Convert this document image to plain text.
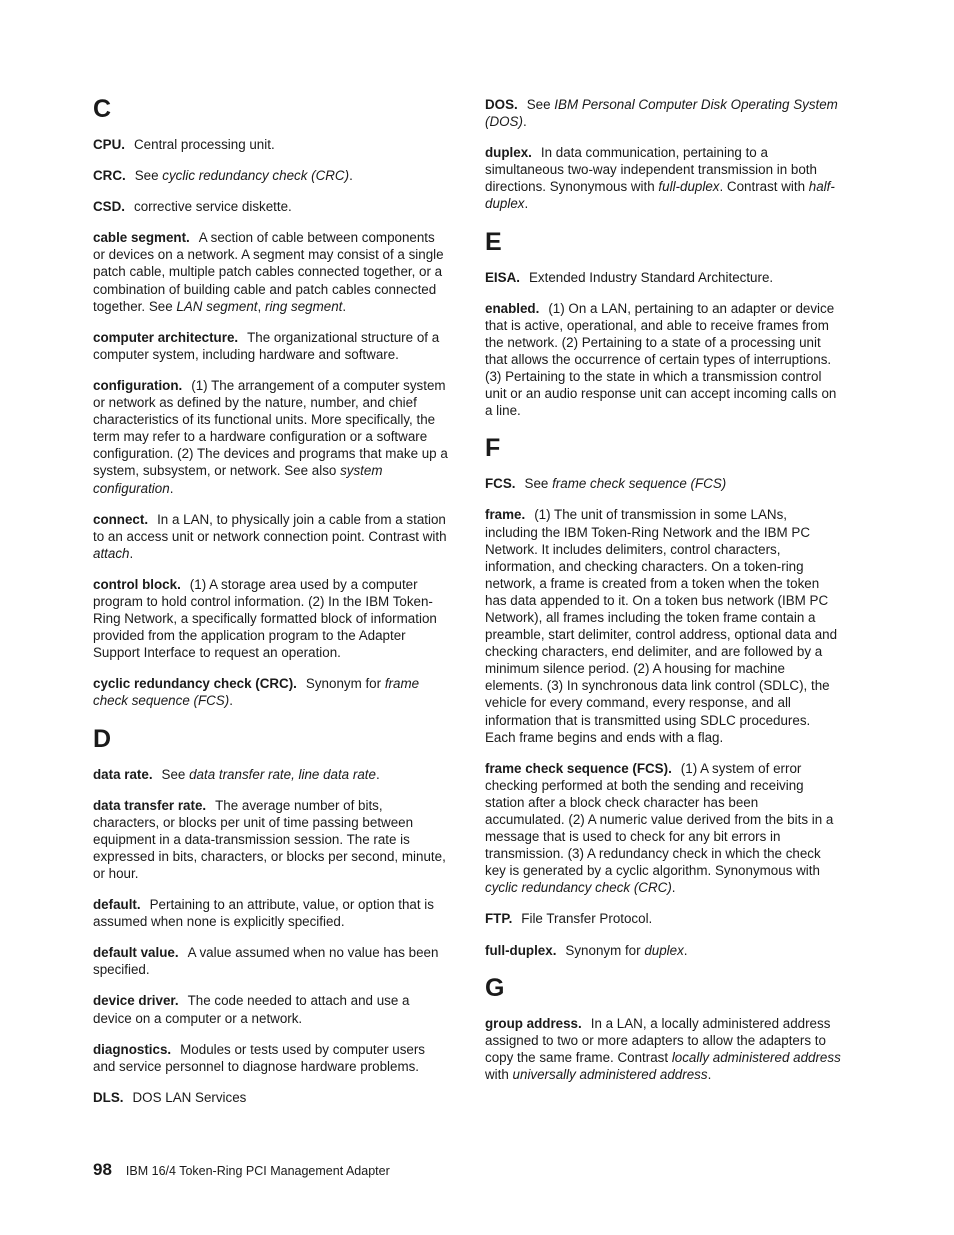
C
CPU. Central processing unit.
CRC. See cyclic redundancy check (CRC).
CSD. corrective service diskette.
cable segment. A section of cable between components or devices on a network. A segment may consist of a single patch cable, multiple patch cables connected together, or a combination of building cable and patch cables connected together. See LAN segment, ring segment.
computer architecture. The organizational structure of a computer system, including hardware and software.
configuration. (1) The arrangement of a computer system or network as defined by the nature, number, and chief characteristics of its functional units. More specifically, the term may refer to a hardware configuration or a software configuration. (2) The devices and programs that make up a system, subsystem, or network. See also system configuration.
connect. In a LAN, to physically join a cable from a station to an access unit or network connection point. Contrast with attach.
control block. (1) A storage area used by a computer program to hold control information. (2) In the IBM Token-Ring Network, a specifically formatted block of information provided from the application program to the Adapter Support Interface to request an operation.
cyclic redundancy check (CRC). Synonym for frame check sequence (FCS).
D
data rate. See data transfer rate, line data rate.
data transfer rate. The average number of bits, characters, or blocks per unit of time passing between equipment in a data-transmission session. The rate is expressed in bits, characters, or blocks per second, minute, or hour.
default. Pertaining to an attribute, value, or option that is assumed when none is explicitly specified.
default value. A value assumed when no value has been specified.
device driver. The code needed to attach and use a device on a computer or a network.
diagnostics. Modules or tests used by computer users and service personnel to diagnose hardware problems.
DLS. DOS LAN Services
DOS. See IBM Personal Computer Disk Operating System (DOS).
duplex. In data communication, pertaining to a simultaneous two-way independent transmission in both directions. Synonymous with full-duplex. Contrast with half-duplex.
E
EISA. Extended Industry Standard Architecture.
enabled. (1) On a LAN, pertaining to an adapter or device that is active, operational, and able to receive frames from the network. (2) Pertaining to a state of a processing unit that allows the occurrence of certain types of interruptions. (3) Pertaining to the state in which a transmission control unit or an audio response unit can accept incoming calls on a line.
F
FCS. See frame check sequence (FCS)
frame. (1) The unit of transmission in some LANs, including the IBM Token-Ring Network and the IBM PC Network. It includes delimiters, control characters, information, and checking characters. On a token-ring network, a frame is created from a token when the token has data appended to it. On a token bus network (IBM PC Network), all frames including the token frame contain a preamble, start delimiter, control address, optional data and checking characters, end delimiter, and are followed by a minimum silence period. (2) A housing for machine elements. (3) In synchronous data link control (SDLC), the vehicle for every command, every response, and all information that is transmitted using SDLC procedures. Each frame begins and ends with a flag.
frame check sequence (FCS). (1) A system of error checking performed at both the sending and receiving station after a block check character has been accumulated. (2) A numeric value derived from the bits in a message that is used to check for any bit errors in transmission. (3) A redundancy check in which the check key is generated by a cyclic algorithm. Synonymous with cyclic redundancy check (CRC).
FTP. File Transfer Protocol.
full-duplex. Synonym for duplex.
G
group address. In a LAN, a locally administered address assigned to two or more adapters to allow the adapters to copy the same frame. Contrast locally administered address with universally administered address.
98 IBM 16/4 Token-Ring PCI Management Adapter
